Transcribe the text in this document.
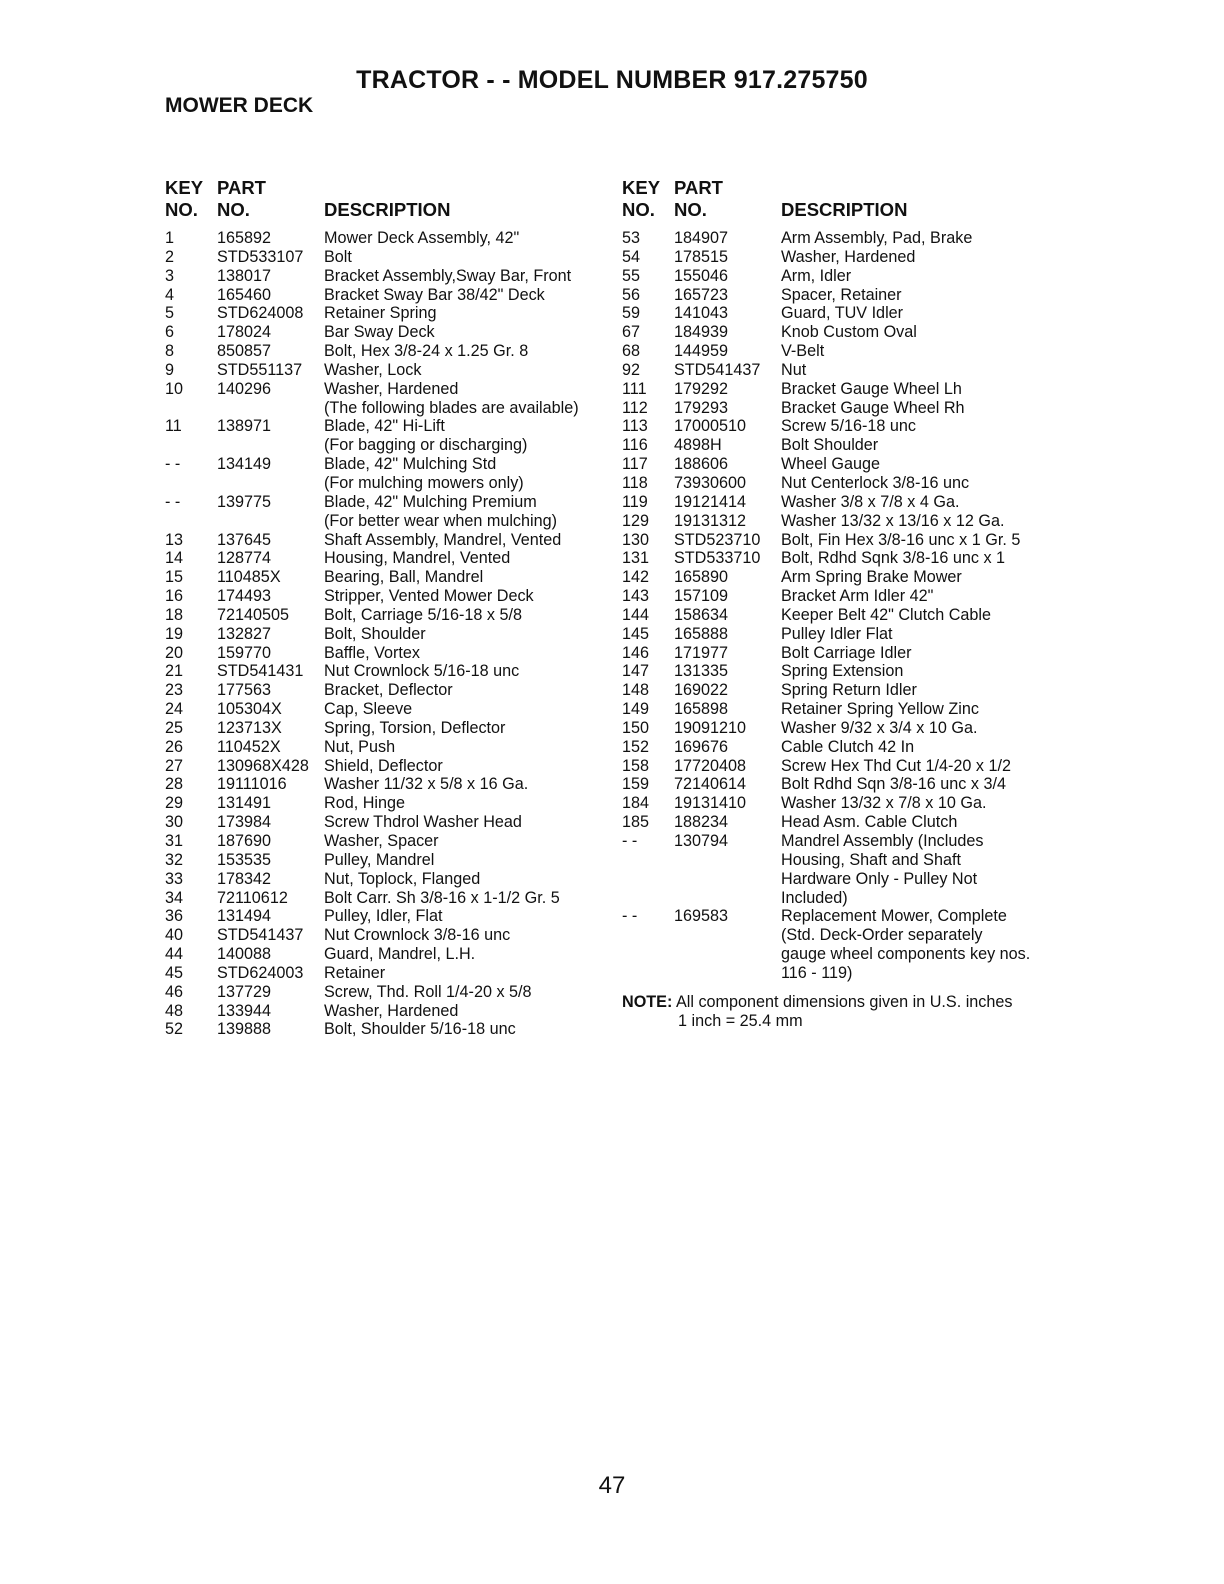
TRACTOR - - MODEL NUMBER 917.275750
MOWER DECK
KEY
NO.
PART
NO.	DESCRIPTION
1	165892	Mower Deck Assembly, 42"
2	STD533107 Bolt
3	138017	Bracket Assembly,Sway Bar, Front
4	165460	Bracket Sway Bar 38/42" Deck
5	STD624008 Retainer Spring
6	178024	Bar Sway Deck
8	850857	Bolt, Hex 3/8-24 x 1.25 Gr. 8
9	STD551137 Washer, Lock
10 140296	Washer, Hardened
(The following blades are available)
11 138971	Blade, 42" Hi-Lift
(For bagging or discharging)
- - 134149	Blade, 42" Mulching Std
(For mulching mowers only)
- - 139775	Blade, 42" Mulching Premium
(For better wear when mulching)
13 137645	Shaft Assembly, Mandrel, Vented
14 128774	Housing, Mandrel, Vented
15 110485X	Bearing, Ball, Mandrel
16 174493	Stripper, Vented Mower Deck
18 72140505 Bolt, Carriage 5/16-18 x 5/8
19 132827	Bolt, Shoulder
20 159770	Baffle, Vortex
21 STD541431 Nut Crownlock 5/16-18 unc
23 177563	Bracket, Deflector
24 105304X	Cap, Sleeve
25 123713X	Spring, Torsion, Deflector
26 110452X	Nut, Push
27 130968X428 Shield, Deflector
28 19111016 Washer 11/32 x 5/8 x 16 Ga.
29 131491	Rod, Hinge
30 173984	Screw Thdrol Washer Head
31 187690	Washer, Spacer
32 153535	Pulley, Mandrel
33 178342	Nut, Toplock, Flanged
34 72110612 Bolt Carr. Sh 3/8-16 x 1-1/2 Gr. 5
36 131494	Pulley, Idler, Flat
40 STD541437 Nut Crownlock 3/8-16 unc
44 140088	Guard, Mandrel, L.H.
45 STD624003 Retainer
46 137729	Screw, Thd. Roll 1/4-20 x 5/8
48 133944	Washer, Hardened
52 139888	Bolt, Shoulder 5/16-18 unc
KEY
NO.
PART
NO.	DESCRIPTION
53 184907	Arm Assembly, Pad, Brake
54 178515	Washer, Hardened
55 155046	Arm, Idler
56 165723	Spacer, Retainer
59 141043	Guard, TUV Idler
67 184939	Knob Custom Oval
68 144959	V-Belt
92 STD541437 Nut
111 179292	Bracket Gauge Wheel Lh
112 179293	Bracket Gauge Wheel Rh
113 17000510 Screw 5/16-18 unc
116 4898H	Bolt Shoulder
117 188606	Wheel Gauge
118 73930600 Nut Centerlock 3/8-16 unc
119 19121414 Washer 3/8 x 7/8 x 4 Ga.
129 19131312 Washer 13/32 x 13/16 x 12 Ga.
130 STD523710 Bolt, Fin Hex 3/8-16 unc x 1 Gr. 5
131 STD533710 Bolt, Rdhd Sqnk 3/8-16 unc x 1
142 165890	Arm Spring Brake Mower
143 157109	Bracket Arm Idler 42"
144 158634	Keeper Belt 42" Clutch Cable
145 165888	Pulley Idler Flat
146 171977	Bolt Carriage Idler
147 131335	Spring Extension
148 169022	Spring Return Idler
149 165898	Retainer Spring Yellow Zinc
150 19091210 Washer 9/32 x 3/4 x 10 Ga.
152 169676	Cable Clutch 42 In
158 17720408 Screw Hex Thd Cut 1/4-20 x 1/2
159 72140614 Bolt Rdhd Sqn 3/8-16 unc x 3/4
184 19131410 Washer 13/32 x 7/8 x 10 Ga.
185 188234	Head Asm. Cable Clutch
- - 130794	Mandrel Assembly (Includes
Housing, Shaft and Shaft
Hardware Only - Pulley Not
Included)
- - 169583	Replacement Mower, Complete
(Std. Deck-Order separately
gauge wheel components key nos.
116 - 119)
NOTE: All component dimensions given in U.S. inches
1 inch = 25.4 mm
47
